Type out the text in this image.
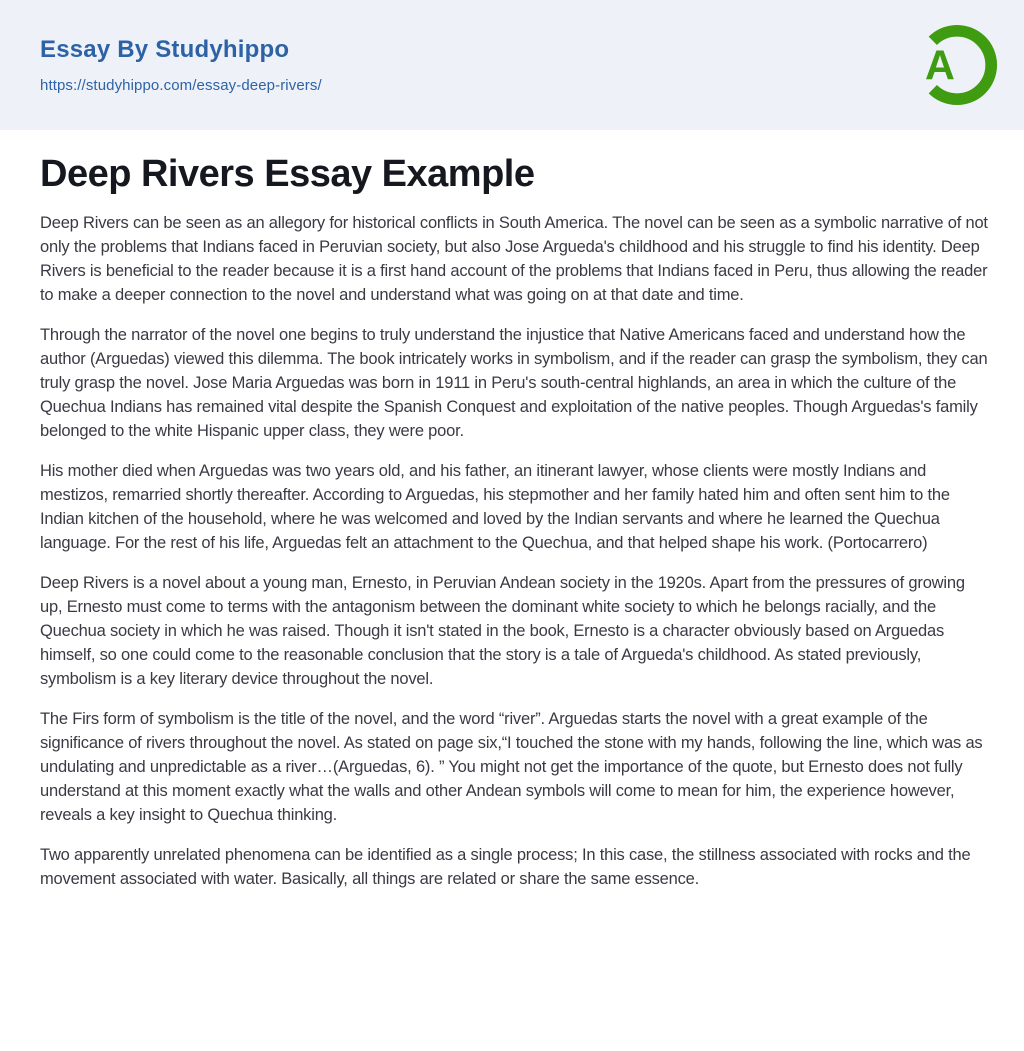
Essay By Studyhippo
https://studyhippo.com/essay-deep-rivers/	A
Deep Rivers Essay Example

Deep Rivers can be seen as an allegory for historical conflicts in South America. The novel can be seen as a symbolic narrative of not only the problems that Indians faced in Peruvian society, but also Jose Argueda's childhood and his struggle to find his identity. Deep Rivers is beneficial to the reader because it is a first hand account of the problems that Indians faced in Peru, thus allowing the reader to make a deeper connection to the novel and understand what was going on at that date and time.

Through the narrator of the novel one begins to truly understand the injustice that Native Americans faced and understand how the author (Arguedas) viewed this dilemma. The book intricately works in symbolism, and if the reader can grasp the symbolism, they can truly grasp the novel. Jose Maria Arguedas was born in 1911 in Peru's south-central highlands, an area in which the culture of the Quechua Indians has remained vital despite the Spanish Conquest and exploitation of the native peoples. Though Arguedas's family belonged to the white Hispanic upper class, they were poor.

His mother died when Arguedas was two years old, and his father, an itinerant lawyer, whose clients were mostly Indians and mestizos, remarried shortly thereafter. According to Arguedas, his stepmother and her family hated him and often sent him to the Indian kitchen of the household, where he was welcomed and loved by the Indian servants and where he learned the Quechua language. For the rest of his life, Arguedas felt an attachment to the Quechua, and that helped shape his work. (Portocarrero)

Deep Rivers is a novel about a young man, Ernesto, in Peruvian Andean society in the 1920s. Apart from the pressures of growing up, Ernesto must come to terms with the antagonism between the dominant white society to which he belongs racially, and the Quechua society in which he was raised. Though it isn't stated in the book, Ernesto is a character obviously based on Arguedas himself, so one could come to the reasonable conclusion that the story is a tale of Argueda's childhood. As stated previously, symbolism is a key literary device throughout the novel.

The Firs form of symbolism is the title of the novel, and the word “river”. Arguedas starts the novel with a great example of the significance of rivers throughout the novel. As stated on page six,“I touched the stone with my hands, following the line, which was as undulating and unpredictable as a river…(Arguedas, 6). ” You might not get the importance of the quote, but Ernesto does not fully understand at this moment exactly what the walls and other Andean symbols will come to mean for him, the experience however, reveals a key insight to Quechua thinking.

Two apparently unrelated phenomena can be identified as a single process; In this case, the stillness associated with rocks and the movement associated with water. Basically, all things are related or share the same essence.
